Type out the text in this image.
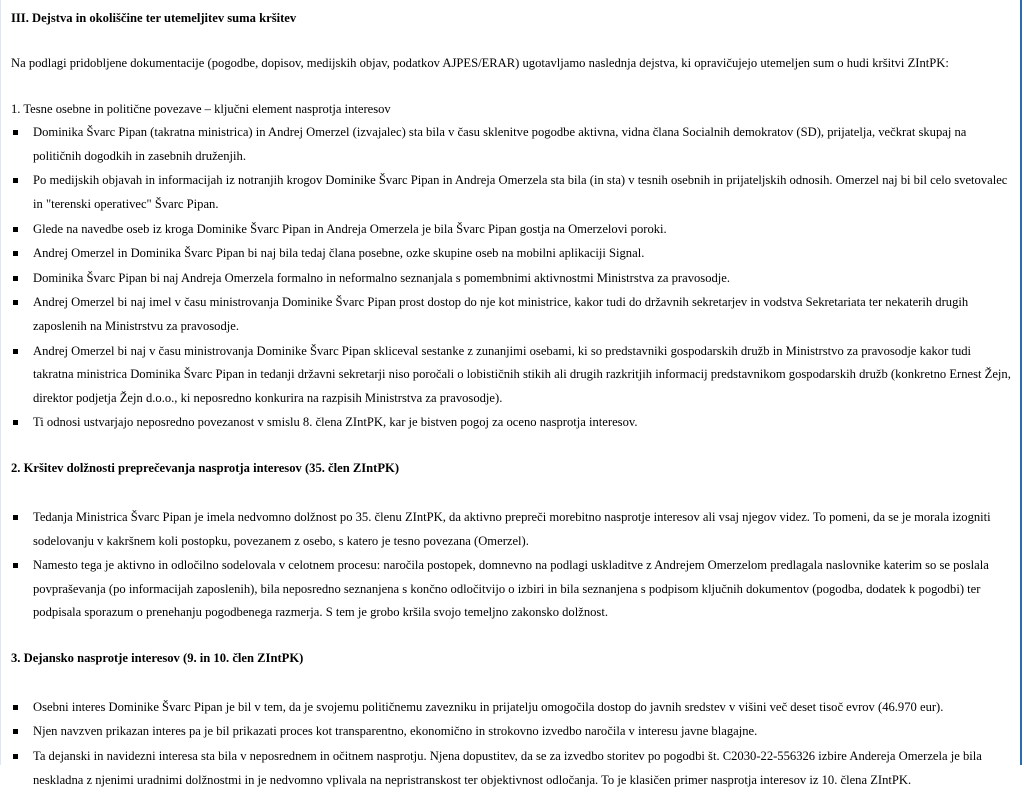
III. Dejstva in okoliščine ter utemeljitev suma kršitev

Na podlagi pridobljene dokumentacije (pogodbe, dopisov, medijskih objav, podatkov AJPES/ERAR) ugotavljamo naslednja dejstva, ki opravičujejo utemeljen sum o hudi kršitvi ZIntPK:

1. Tesne osebne in politične povezave – ključni element nasprotja interesov

Dominika Švarc Pipan (takratna ministrica) in Andrej Omerzel (izvajalec) sta bila v času sklenitve pogodbe aktivna, vidna člana Socialnih demokratov (SD), prijatelja, večkrat skupaj na političnih dogodkih in zasebnih druženjih.
Po medijskih objavah in informacijah iz notranjih krogov Dominike Švarc Pipan in Andreja Omerzela sta bila (in sta) v tesnih osebnih in prijateljskih odnosih. Omerzel naj bi bil celo svetovalec in "terenski operativec" Švarc Pipan.
Glede na navedbe oseb iz kroga Dominike Švarc Pipan in Andreja Omerzela je bila Švarc Pipan gostja na Omerzelovi poroki.
Andrej Omerzel in Dominika Švarc Pipan bi naj bila tedaj člana posebne, ozke skupine oseb na mobilni aplikaciji Signal.
Dominika Švarc Pipan bi naj Andreja Omerzela formalno in neformalno seznanjala s pomembnimi aktivnostmi Ministrstva za pravosodje.
Andrej Omerzel bi naj imel v času ministrovanja Dominike Švarc Pipan prost dostop do nje kot ministrice, kakor tudi do državnih sekretarjev in vodstva Sekretariata ter nekaterih drugih zaposlenih na Ministrstvu za pravosodje.
Andrej Omerzel bi naj v času ministrovanja Dominike Švarc Pipan skliceval sestanke z zunanjimi osebami, ki so predstavniki gospodarskih družb in Ministrstvo za pravosodje kakor tudi takratna ministrica Dominika Švarc Pipan in tedanji državni sekretarji niso poročali o lobističnih stikih ali drugih razkritjih informacij predstavnikom gospodarskih družb (konkretno Ernest Žejn, direktor podjetja Žejn d.o.o., ki neposredno konkurira na razpisih Ministrstva za pravosodje).
Ti odnosi ustvarjajo neposredno povezanost v smislu 8. člena ZIntPK, kar je bistven pogoj za oceno nasprotja interesov.
2. Kršitev dolžnosti preprečevanja nasprotja interesov (35. člen ZIntPK)
Tedanja Ministrica Švarc Pipan je imela nedvomno dolžnost po 35. členu ZIntPK, da aktivno prepreči morebitno nasprotje interesov ali vsaj njegov videz. To pomeni, da se je morala izogniti sodelovanju v kakršnem koli postopku, povezanem z osebo, s katero je tesno povezana (Omerzel).
Namesto tega je aktivno in odločilno sodelovala v celotnem procesu: naročila postopek, domnevno na podlagi uskladitve z Andrejem Omerzelom predlagala naslovnike katerim so se poslala povpraševanja (po informacijah zaposlenih), bila neposredno seznanjena s končno odločitvijo o izbiri in bila seznanjena s podpisom ključnih dokumentov (pogodba, dodatek k pogodbi) ter podpisala sporazum o prenehanju pogodbenega razmerja. S tem je grobo kršila svojo temeljno zakonsko dolžnost.
3. Dejansko nasprotje interesov (9. in 10. člen ZIntPK)
Osebni interes Dominike Švarc Pipan je bil v tem, da je svojemu političnemu zavezniku in prijatelju omogočila dostop do javnih sredstev v višini več deset tisoč evrov (46.970 eur).
Njen navzven prikazan interes pa je bil prikazati proces kot transparentno, ekonomično in strokovno izvedbo naročila v interesu javne blagajne.
Ta dejanski in navidezni interesa sta bila v neposrednem in očitnem nasprotju. Njena dopustitev, da se za izvedbo storitev po pogodbi št. C2030-22-556326 izbire Andereja Omerzela je bila neskladna z njenimi uradnimi dolžnostmi in je nedvomno vplivala na nepristranskost ter objektivnost odločanja. To je klasičen primer nasprotja interesov iz 10. člena ZIntPK.
